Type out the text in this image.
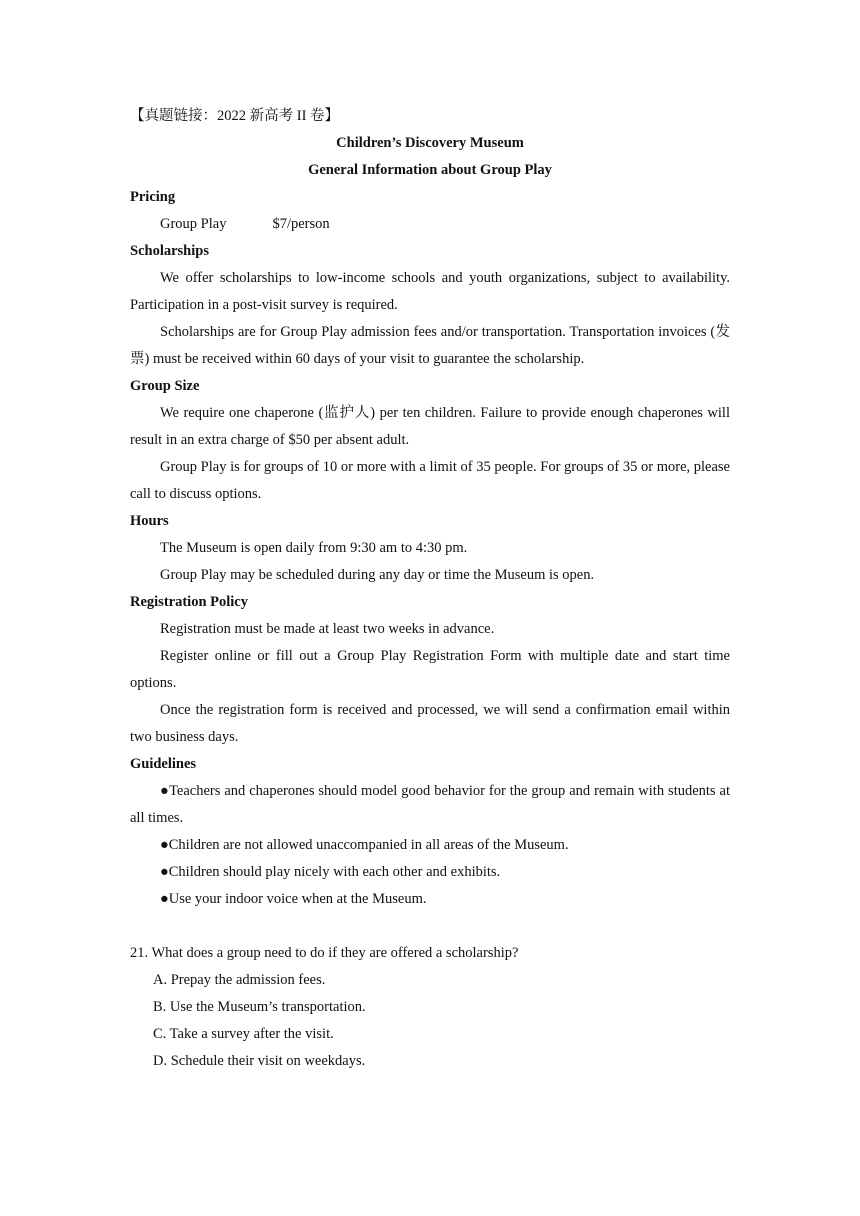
【真题链接：2022 新高考 II 卷】
Children’s Discovery Museum
General Information about Group Play
Pricing
Group Play	$7/person
Scholarships

We offer scholarships to low-income schools and youth organizations, subject to availability. Participation in a post-visit survey is required.

Scholarships are for Group Play admission fees and/or transportation. Transportation invoices (发票) must be received within 60 days of your visit to guarantee the scholarship.

Group Size

We require one chaperone (监护人) per ten children. Failure to provide enough chaperones will result in an extra charge of $50 per absent adult.

Group Play is for groups of 10 or more with a limit of 35 people. For groups of 35 or more, please call to discuss options.

Hours

The Museum is open daily from 9:30 am to 4:30 pm.

Group Play may be scheduled during any day or time the Museum is open.

Registration Policy

Registration must be made at least two weeks in advance.

Register online or fill out a Group Play Registration Form with multiple date and start time options.

Once the registration form is received and processed, we will send a confirmation email within two business days.

Guidelines

●Teachers and chaperones should model good behavior for the group and remain with students at all times.

●Children are not allowed unaccompanied in all areas of the Museum.

●Children should play nicely with each other and exhibits.

●Use your indoor voice when at the Museum.

21. What does a group need to do if they are offered a scholarship?
A. Prepay the admission fees.
B. Use the Museum’s transportation.
C. Take a survey after the visit.
D. Schedule their visit on weekdays.
